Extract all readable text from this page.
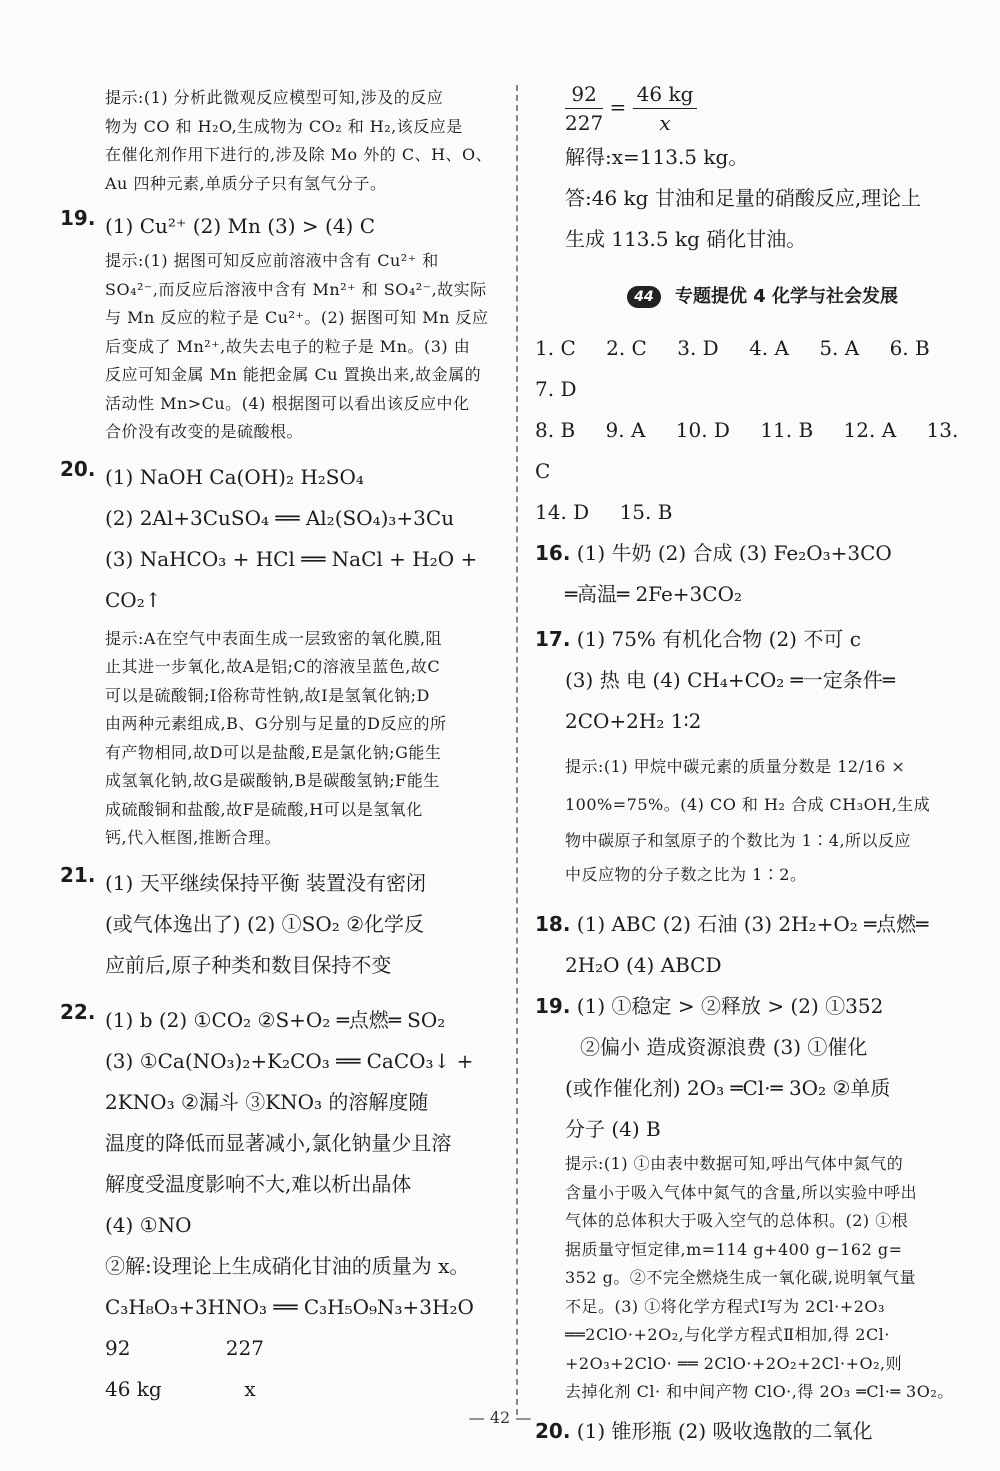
提示:(1) 分析此微观反应模型可知,涉及的反应

物为 CO 和 H₂O,生成物为 CO₂ 和 H₂,该反应是

在催化剂作用下进行的,涉及除 Mo 外的 C、H、O、

Au 四种元素,单质分子只有氢气分子。

19. (1) Cu²⁺ (2) Mn (3) > (4) C

提示:(1) 据图可知反应前溶液中含有 Cu²⁺ 和

SO₄²⁻,而反应后溶液中含有 Mn²⁺ 和 SO₄²⁻,故实际

与 Mn 反应的粒子是 Cu²⁺。(2) 据图可知 Mn 反应

后变成了 Mn²⁺,故失去电子的粒子是 Mn。(3) 由

反应可知金属 Mn 能把金属 Cu 置换出来,故金属的

活动性 Mn>Cu。(4) 根据图可以看出该反应中化

合价没有改变的是硫酸根。

20. (1) NaOH Ca(OH)₂ H₂SO₄

(2) 2Al+3CuSO₄ ══ Al₂(SO₄)₃+3Cu

(3) NaHCO₃ + HCl ══ NaCl + H₂O +

CO₂↑

提示:A在空气中表面生成一层致密的氧化膜,阻

止其进一步氧化,故A是铝;C的溶液呈蓝色,故C

可以是硫酸铜;I俗称苛性钠,故I是氢氧化钠;D

由两种元素组成,B、G分别与足量的D反应的所

有产物相同,故D可以是盐酸,E是氯化钠;G能生

成氢氧化钠,故G是碳酸钠,B是碳酸氢钠;F能生

成硫酸铜和盐酸,故F是硫酸,H可以是氢氧化

钙,代入框图,推断合理。

21. (1) 天平继续保持平衡 装置没有密闭

(或气体逸出了) (2) ①SO₂ ②化学反

应前后,原子种类和数目保持不变

22. (1) b (2) ①CO₂ ②S+O₂ ═点燃═ SO₂

(3) ①Ca(NO₃)₂+K₂CO₃ ══ CaCO₃↓ +

2KNO₃ ②漏斗 ③KNO₃ 的溶解度随

温度的降低而显著减小,氯化钠量少且溶

解度受温度影响不大,难以析出晶体

(4) ①NO

②解:设理论上生成硝化甘油的质量为 x。

C₃H₈O₃+3HNO₃ ══ C₃H₅O₉N₃+3H₂O

92               227

46 kg             x

$\frac{92}{227} = \frac{46 kg}{x}$

解得:x=113.5 kg。

答:46 kg 甘油和足量的硝酸反应,理论上

生成 113.5 kg 硝化甘油。

44 专题提优 4 化学与社会发展
1. C 2. C 3. D 4. A 5. A 6. B 7. D
8. B 9. A 10. D 11. B 12. A 13. C
14. D 15. B

16. (1) 牛奶 (2) 合成 (3) Fe₂O₃+3CO

═高温═ 2Fe+3CO₂

17. (1) 75% 有机化合物 (2) 不可 c

(3) 热 电 (4) CH₄+CO₂ ═一定条件═

2CO+2H₂ 1∶2

提示:(1) 甲烷中碳元素的质量分数是 12/16 ×

100%=75%。(4) CO 和 H₂ 合成 CH₃OH,生成

物中碳原子和氢原子的个数比为 1∶4,所以反应

中反应物的分子数之比为 1∶2。

18. (1) ABC (2) 石油 (3) 2H₂+O₂ ═点燃═

2H₂O (4) ABCD

19. (1) ①稳定 > ②释放 > (2) ①352

②偏小 造成资源浪费 (3) ①催化

(或作催化剂) 2O₃ ═Cl·═ 3O₂ ②单质

分子 (4) B

提示:(1) ①由表中数据可知,呼出气体中氮气的

含量小于吸入气体中氮气的含量,所以实验中呼出

气体的总体积大于吸入空气的总体积。(2) ①根

据质量守恒定律,m=114 g+400 g−162 g=

352 g。②不完全燃烧生成一氧化碳,说明氧气量

不足。(3) ①将化学方程式Ⅰ写为 2Cl·+2O₃

══2ClO·+2O₂,与化学方程式Ⅱ相加,得 2Cl·

+2O₃+2ClO· ══ 2ClO·+2O₂+2Cl·+O₂,则

去掉化剂 Cl· 和中间产物 ClO·,得 2O₃ ═Cl·═ 3O₂。

20. (1) 锥形瓶 (2) 吸收逸散的二氧化

— 42 —
